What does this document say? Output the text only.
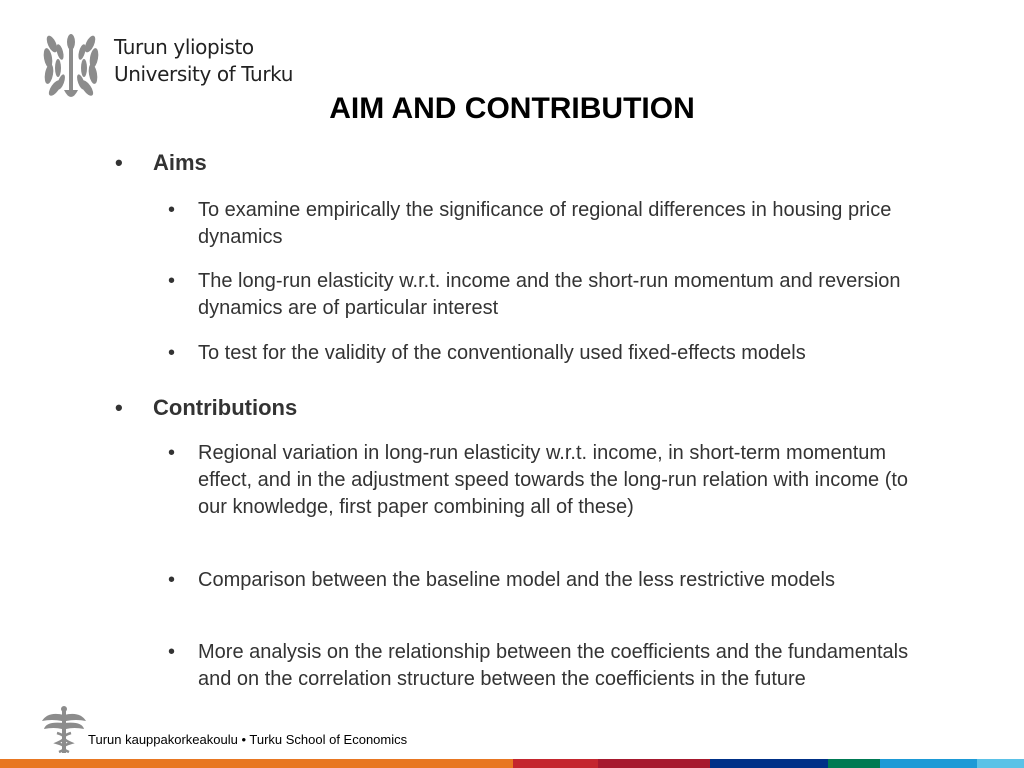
Turun yliopisto
University of Turku
AIM AND CONTRIBUTION
• Aims
• To examine empirically the significance of regional differences in housing price dynamics
• The long-run elasticity w.r.t. income and the short-run momentum and reversion dynamics are of particular interest
• To test for the validity of the conventionally used fixed-effects models
• Contributions
• Regional variation in long-run elasticity w.r.t. income, in short-term momentum effect, and in the adjustment speed towards the long-run relation with income (to our knowledge, first paper combining all of these)
• Comparison between the baseline model and the less restrictive models
• More analysis on the relationship between the coefficients and the fundamentals and on the correlation structure between the coefficients in the future
Turun kauppakorkeakoulu • Turku School of Economics
